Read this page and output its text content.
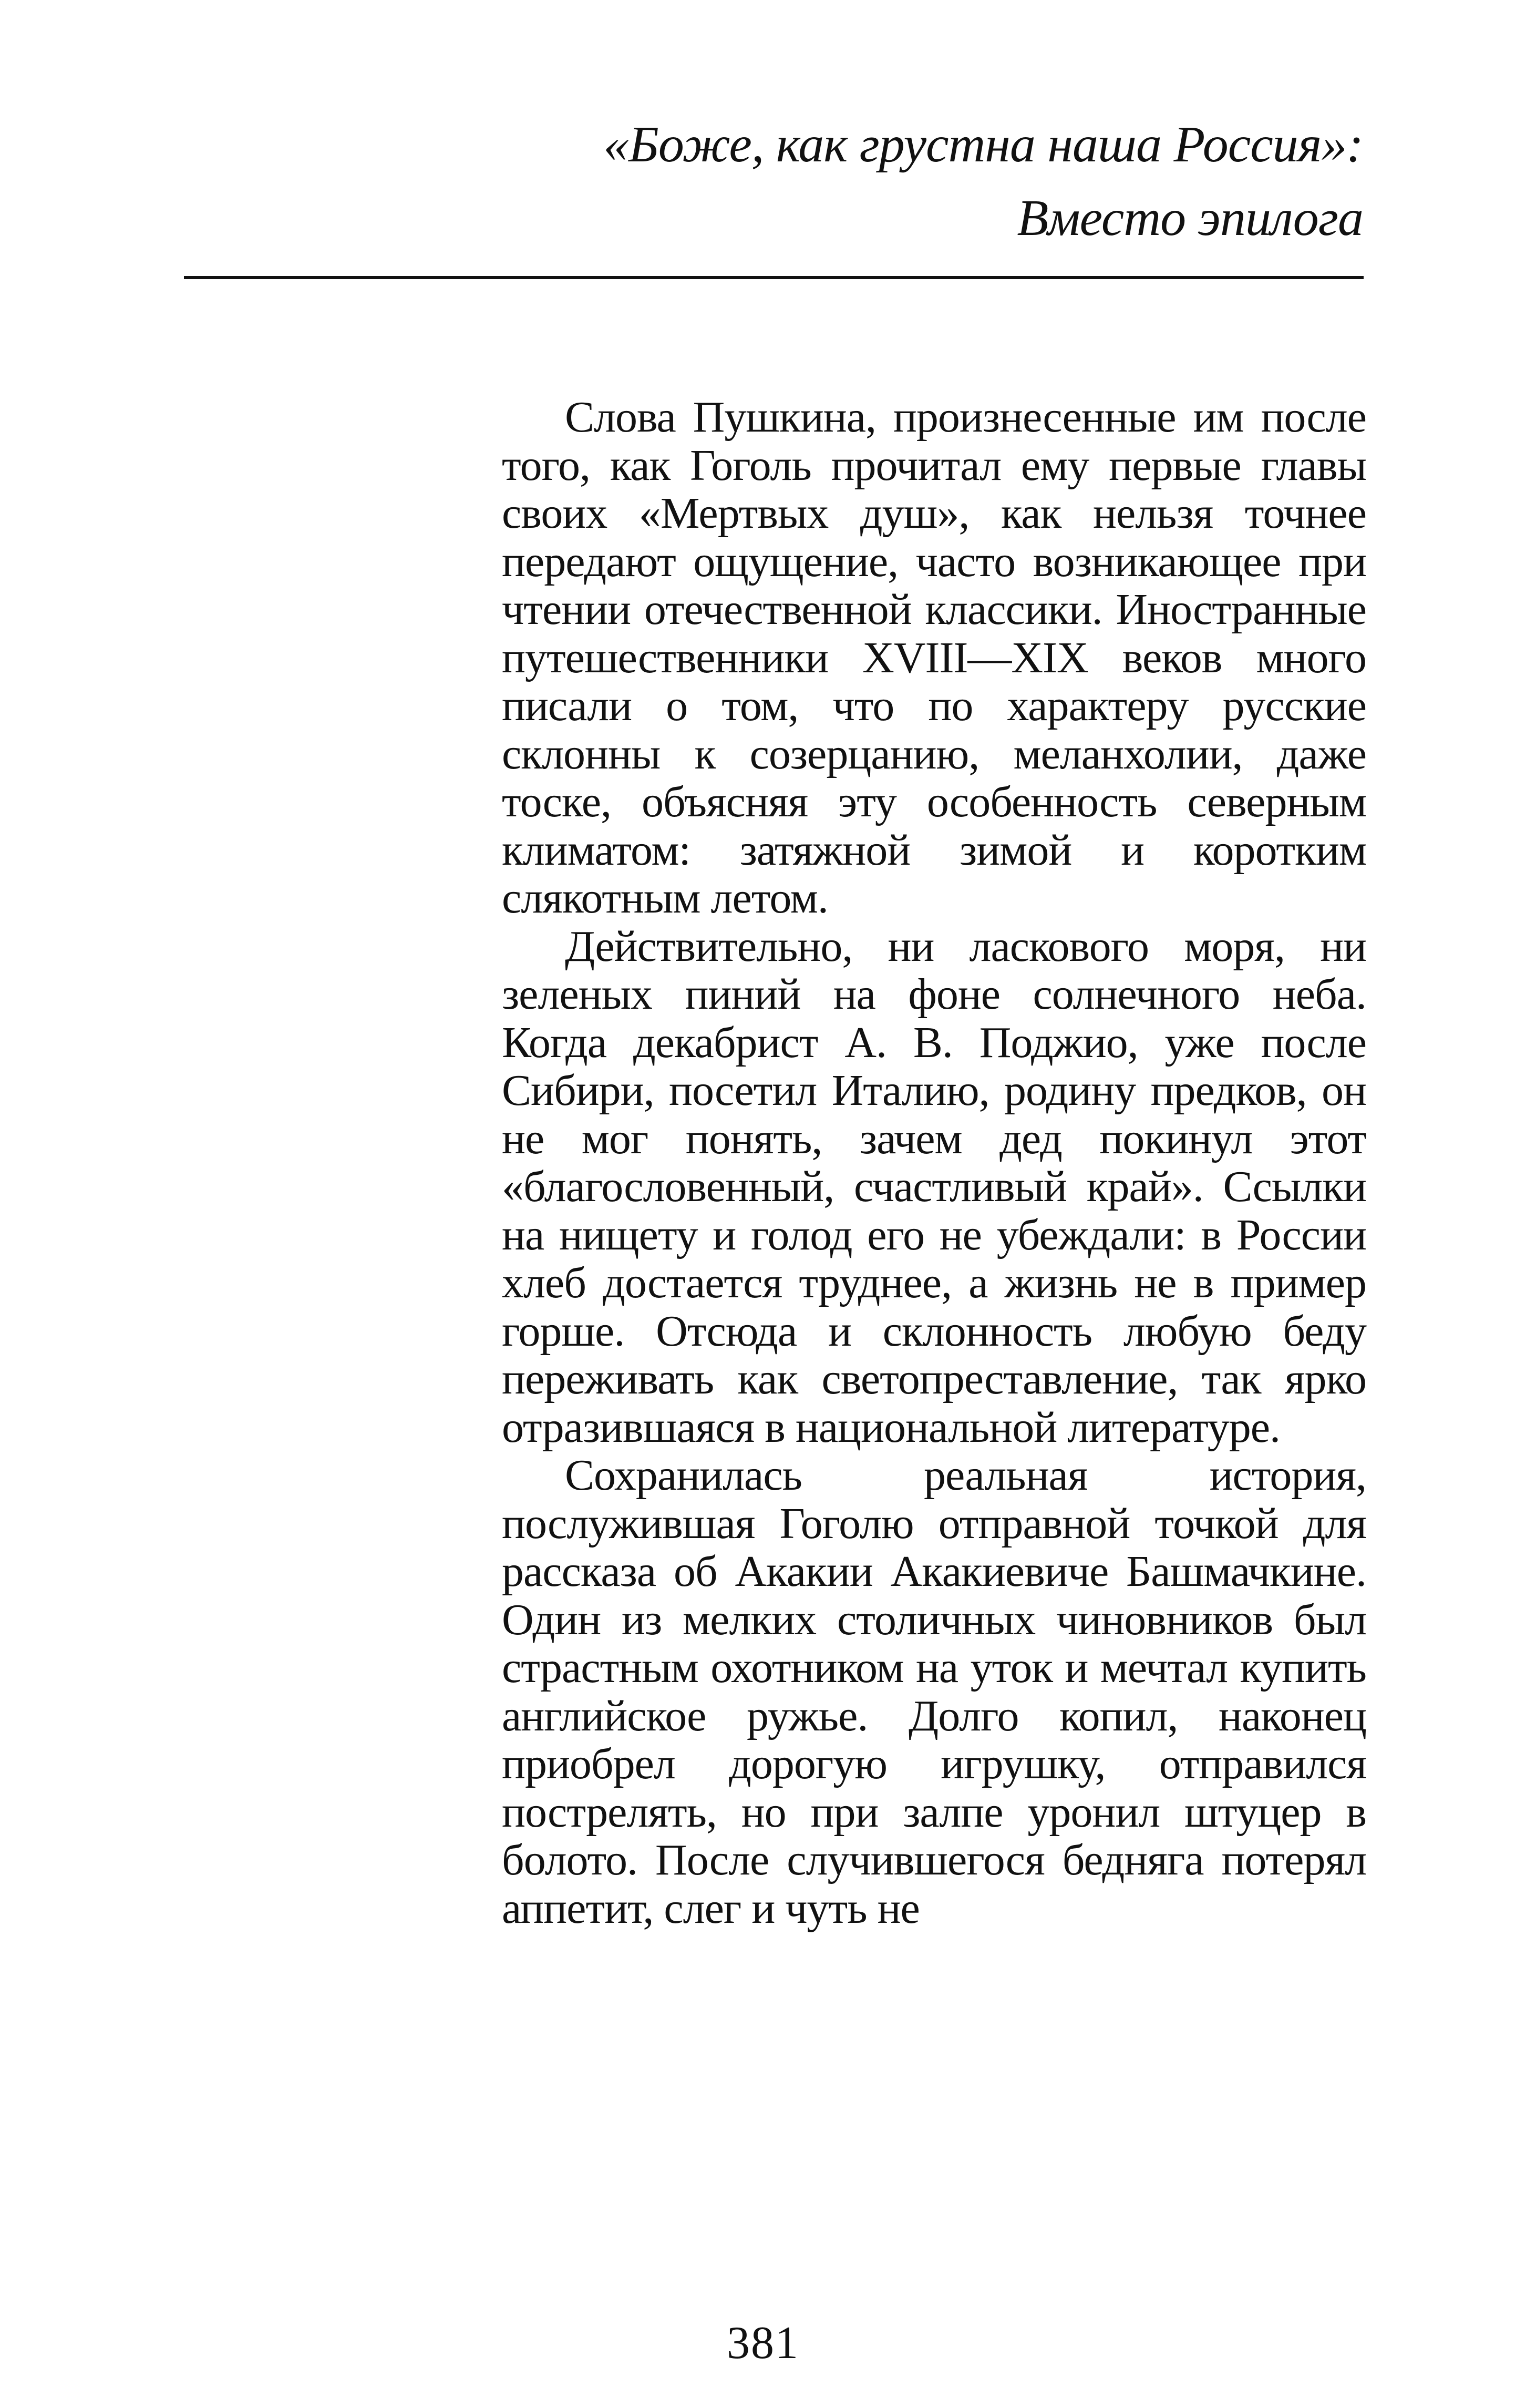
«Боже, как грустна наша Россия»:
Вместо эпилога

Слова Пушкина, произнесенные им после того, как Гоголь прочитал ему первые главы своих «Мертвых душ», как нельзя точнее передают ощущение, часто возникающее при чтении отечественной классики. Иностранные путешественники XVIII—XIX веков много писали о том, что по характеру русские склонны к созерцанию, меланхолии, даже тоске, объясняя эту особенность северным климатом: затяжной зимой и коротким слякотным летом.

Действительно, ни ласкового моря, ни зеленых пиний на фоне солнечного неба. Когда декабрист А. В. Поджио, уже после Сибири, посетил Италию, родину предков, он не мог понять, зачем дед покинул этот «благословенный, счастливый край». Ссылки на нищету и голод его не убеждали: в России хлеб достается труднее, а жизнь не в пример горше. Отсюда и склонность любую беду переживать как светопреставление, так ярко отразившаяся в национальной литературе.

Сохранилась реальная история, послужившая Гоголю отправной точкой для рассказа об Акакии Акакиевиче Башмачкине. Один из мелких столичных чиновников был страстным охотником на уток и мечтал купить английское ружье. Долго копил, наконец приобрел дорогую игрушку, отправился пострелять, но при залпе уронил штуцер в болото. После случившегося бедняга потерял аппетит, слег и чуть не

381
